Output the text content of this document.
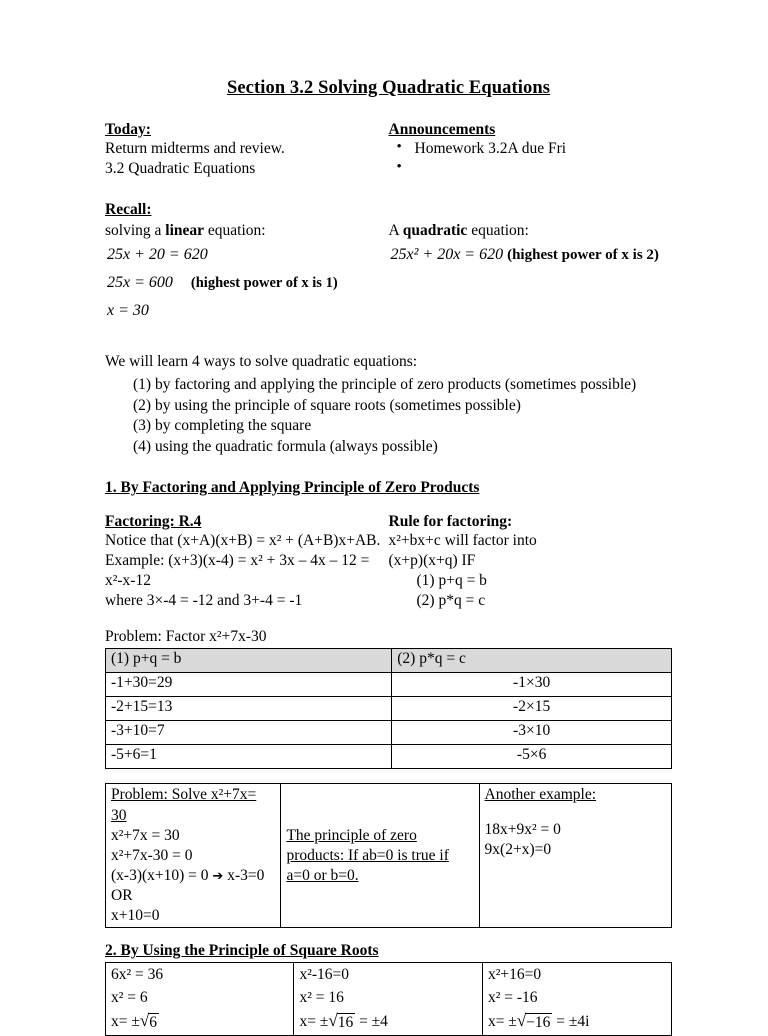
Section 3.2 Solving Quadratic Equations
Today:
Return midterms and review.
3.2 Quadratic Equations
Announcements
• Homework 3.2A due Fri
•
Recall:
solving a linear equation:
25x + 20 = 620
25x = 600 (highest power of x is 1)
x = 30
A quadratic equation:
25x² + 20x = 620 (highest power of x is 2)
We will learn 4 ways to solve quadratic equations:
(1) by factoring and applying the principle of zero products (sometimes possible)
(2) by using the principle of square roots (sometimes possible)
(3) by completing the square
(4) using the quadratic formula (always possible)
1. By Factoring and Applying Principle of Zero Products
Factoring: R.4
Notice that (x+A)(x+B) = x² + (A+B)x+AB.
Example: (x+3)(x-4) = x² + 3x – 4x – 12 = x²-x-12
where 3×-4 = -12 and 3+-4 = -1
Rule for factoring:
x²+bx+c will factor into
(x+p)(x+q) IF
(1) p+q = b
(2) p*q = c
Problem: Factor x²+7x-30
(1) p+q = b	(2) p*q = c
-1+30=29	-1×30
-2+15=13	-2×15
-3+10=7	-3×10
-5+6=1	-5×6
Problem: Solve x²+7x= 30
x²+7x = 30
x²+7x-30 = 0
(x-3)(x+10) = 0 ➔ x-3=0 OR
x+10=0

The principle of zero
products: If ab=0 is true if
a=0 or b=0.

Another example:
18x+9x² = 0
9x(2+x)=0
2. By Using the Principle of Square Roots
6x² = 36
x² = 6
x= ±√6

x²-16=0
x² = 16
x= ±√16 = ±4

x²+16=0
x² = -16
x= ±√−16 = ±4i
